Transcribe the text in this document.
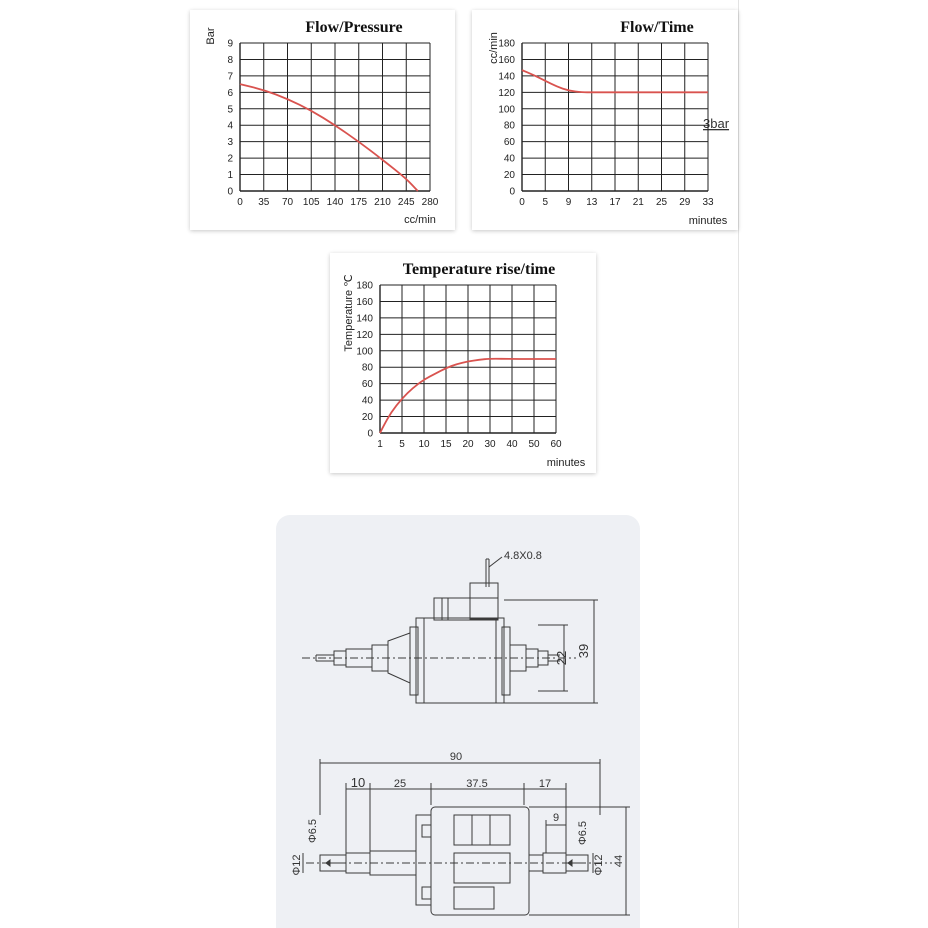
Flow/Pressure
Bar
cc/min
0 35 70 105 140 175 210 245 280
0
1
2
3
4
5
6
7
8
9
Flow/Time
cc/min
minutes
3bar
0 5 9 13 17 21 25 29 33
0
20
40
60
80
100
120
140
160
180
Temperature rise/time
Temperature ℃
minutes
1 5 10 15 20 30 40 50 60
0
20
40
60
80
100
120
140
160
180
4.8X0.8
22 39
90
10	25	37.5	17
9
Φ6.5
Φ12
Φ6.5
Φ12 44
